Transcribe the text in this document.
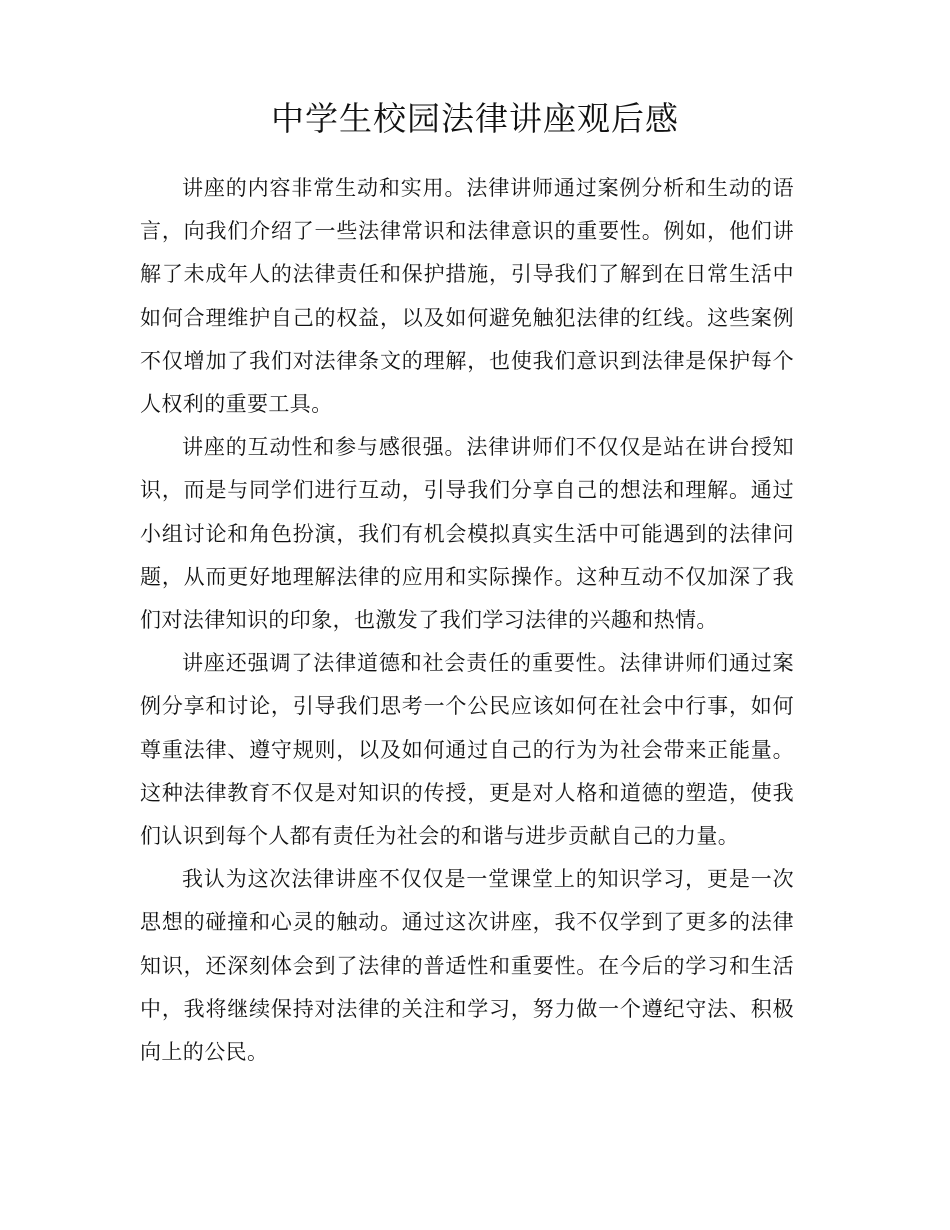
中学生校园法律讲座观后感

讲座的内容非常生动和实用。法律讲师通过案例分析和生动的语言，向我们介绍了一些法律常识和法律意识的重要性。例如，他们讲解了未成年人的法律责任和保护措施，引导我们了解到在日常生活中如何合理维护自己的权益，以及如何避免触犯法律的红线。这些案例不仅增加了我们对法律条文的理解，也使我们意识到法律是保护每个人权利的重要工具。

讲座的互动性和参与感很强。法律讲师们不仅仅是站在讲台授知识，而是与同学们进行互动，引导我们分享自己的想法和理解。通过小组讨论和角色扮演，我们有机会模拟真实生活中可能遇到的法律问题，从而更好地理解法律的应用和实际操作。这种互动不仅加深了我们对法律知识的印象，也激发了我们学习法律的兴趣和热情。

讲座还强调了法律道德和社会责任的重要性。法律讲师们通过案例分享和讨论，引导我们思考一个公民应该如何在社会中行事，如何尊重法律、遵守规则，以及如何通过自己的行为为社会带来正能量。这种法律教育不仅是对知识的传授，更是对人格和道德的塑造，使我们认识到每个人都有责任为社会的和谐与进步贡献自己的力量。

我认为这次法律讲座不仅仅是一堂课堂上的知识学习，更是一次思想的碰撞和心灵的触动。通过这次讲座，我不仅学到了更多的法律知识，还深刻体会到了法律的普适性和重要性。在今后的学习和生活中，我将继续保持对法律的关注和学习，努力做一个遵纪守法、积极向上的公民。
